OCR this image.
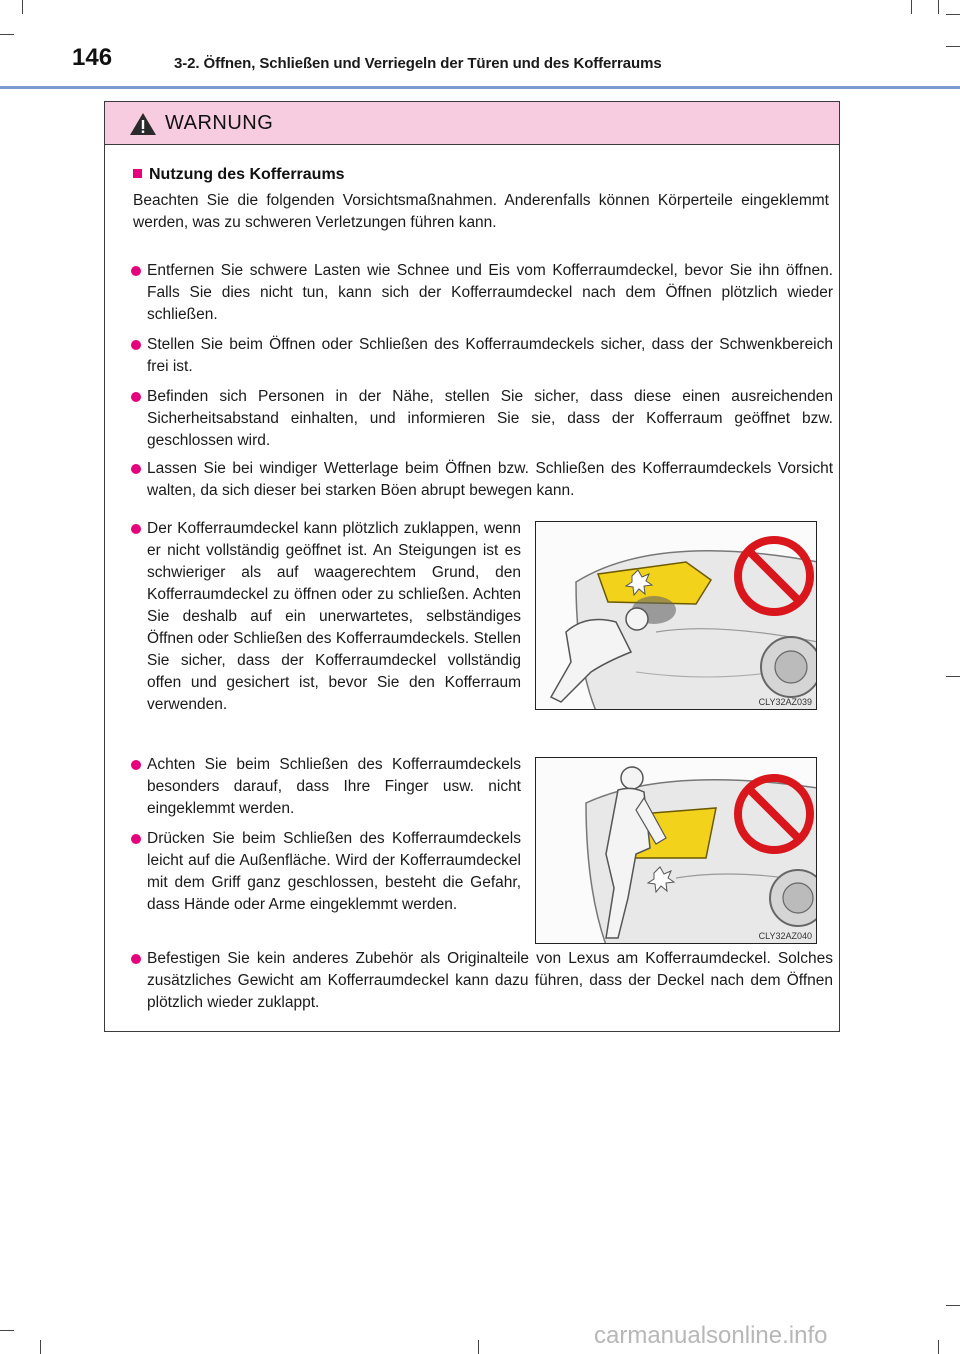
146	3-2. Öffnen, Schließen und Verriegeln der Türen und des Kofferraums
WARNUNG
Nutzung des Kofferraums
Beachten Sie die folgenden Vorsichtsmaßnahmen. Anderenfalls können Körperteile eingeklemmt werden, was zu schweren Verletzungen führen kann.
Entfernen Sie schwere Lasten wie Schnee und Eis vom Kofferraumdeckel, bevor Sie ihn öffnen. Falls Sie dies nicht tun, kann sich der Kofferraumdeckel nach dem Öffnen plötzlich wieder schließen.
Stellen Sie beim Öffnen oder Schließen des Kofferraumdeckels sicher, dass der Schwenkbereich frei ist.
Befinden sich Personen in der Nähe, stellen Sie sicher, dass diese einen ausreichenden Sicherheitsabstand einhalten, und informieren Sie sie, dass der Kofferraum geöffnet bzw. geschlossen wird.
Lassen Sie bei windiger Wetterlage beim Öffnen bzw. Schließen des Kofferraumdeckels Vorsicht walten, da sich dieser bei starken Böen abrupt bewegen kann.
Der Kofferraumdeckel kann plötzlich zuklappen, wenn er nicht vollständig geöffnet ist. An Steigungen ist es schwieriger als auf waagerechtem Grund, den Kofferraumdeckel zu öffnen oder zu schließen. Achten Sie deshalb auf ein unerwartetes, selbständiges Öffnen oder Schließen des Kofferraumdeckels. Stellen Sie sicher, dass der Kofferraumdeckel vollständig offen und gesichert ist, bevor Sie den Kofferraum verwenden.	CLY32AZ039
Achten Sie beim Schließen des Kofferraumdeckels besonders darauf, dass Ihre Finger usw. nicht eingeklemmt werden.
Drücken Sie beim Schließen des Kofferraumdeckels leicht auf die Außenfläche. Wird der Kofferraumdeckel mit dem Griff ganz geschlossen, besteht die Gefahr, dass Hände oder Arme eingeklemmt werden.
CLY32AZ040
Befestigen Sie kein anderes Zubehör als Originalteile von Lexus am Kofferraumdeckel. Solches zusätzliches Gewicht am Kofferraumdeckel kann dazu führen, dass der Deckel nach dem Öffnen plötzlich wieder zuklappt.
carmanualsonline.info
